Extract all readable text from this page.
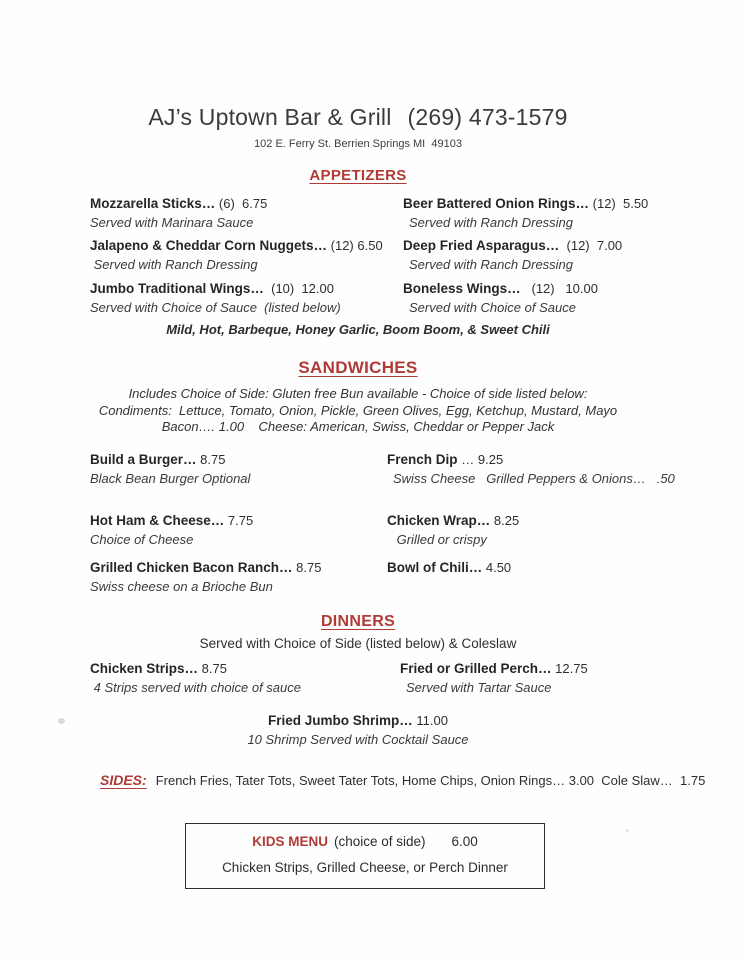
AJ’s Uptown Bar & Grill (269) 473-1579
102 E. Ferry St. Berrien Springs MI  49103
APPETIZERS
Mozzarella Sticks… (6)  6.75
Served with Marinara Sauce
Jalapeno & Cheddar Corn Nuggets… (12) 6.50
Served with Ranch Dressing
Jumbo Traditional Wings…  (10)  12.00
Served with Choice of Sauce  (listed below)
Beer Battered Onion Rings… (12)  5.50
Served with Ranch Dressing
Deep Fried Asparagus…  (12)  7.00
Served with Ranch Dressing
Boneless Wings…   (12)   10.00
Served with Choice of Sauce
Mild, Hot, Barbeque, Honey Garlic, Boom Boom, & Sweet Chili
SANDWICHES
Includes Choice of Side: Gluten free Bun available - Choice of side listed below:
Condiments:  Lettuce, Tomato, Onion, Pickle, Green Olives, Egg, Ketchup, Mustard, Mayo
Bacon…. 1.00    Cheese: American, Swiss, Cheddar or Pepper Jack
Build a Burger… 8.75
Black Bean Burger Optional
French Dip … 9.25
Swiss Cheese   Grilled Peppers & Onions…   .50
Hot Ham & Cheese… 7.75
Choice of Cheese
Chicken Wrap… 8.25
Grilled or crispy
Grilled Chicken Bacon Ranch… 8.75
Swiss cheese on a Brioche Bun
Bowl of Chili… 4.50
DINNERS
Served with Choice of Side (listed below) & Coleslaw
Chicken Strips… 8.75
4 Strips served with choice of sauce
Fried or Grilled Perch… 12.75
Served with Tartar Sauce
Fried Jumbo Shrimp… 11.00
10 Shrimp Served with Cocktail Sauce
SIDES: French Fries, Tater Tots, Sweet Tater Tots, Home Chips, Onion Rings… 3.00  Cole Slaw…  1.75
KIDS MENU (choice of side) 6.00
Chicken Strips, Grilled Cheese, or Perch Dinner
